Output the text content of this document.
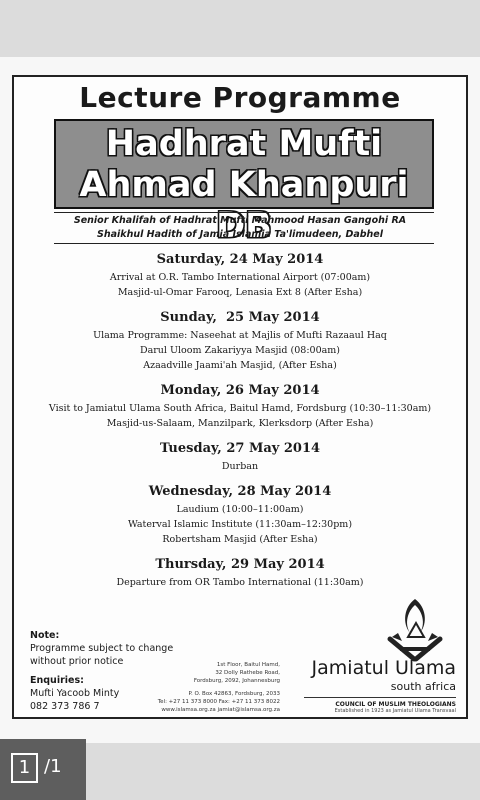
Lecture Programme
Hadhrat Mufti
Ahmad Khanpuri DB
Senior Khalifah of Hadhrat Mufti Mahmood Hasan Gangohi RA
Shaikhul Hadith of Jamia Islamia Ta'limudeen, Dabhel
Saturday, 24 May 2014
Arrival at O.R. Tambo International Airport (07:00am)
Masjid-ul-Omar Farooq, Lenasia Ext 8 (After Esha)
Sunday,  25 May 2014
Ulama Programme: Naseehat at Majlis of Mufti Razaaul Haq
Darul Uloom Zakariyya Masjid (08:00am)
Azaadville Jaami'ah Masjid, (After Esha)
Monday, 26 May 2014
Visit to Jamiatul Ulama South Africa, Baitul Hamd, Fordsburg (10:30–11:30am)
Masjid-us-Salaam, Manzilpark, Klerksdorp (After Esha)
Tuesday, 27 May 2014
Durban
Wednesday, 28 May 2014
Laudium (10:00–11:00am)
Waterval Islamic Institute (11:30am–12:30pm)
Robertsham Masjid (After Esha)
Thursday, 29 May 2014
Departure from OR Tambo International (11:30am)
Note:
Programme subject to change
without prior notice
Enquiries:
Mufti Yacoob Minty
082 373 786 7
1st Floor, Baitul Hamd,
32 Dolly Rathebe Road,
Fordsburg, 2092, Johannesburg
P. O. Box 42863, Fordsburg, 2033
Tel: +27 11 373 8000 Fax: +27 11 373 8022
www.islamsa.org.za jamiat@islamsa.org.za
Jamiatul Ulama
south africa
COUNCIL OF MUSLIM THEOLOGIANS
Established in 1923 as Jamiatul Ulama Transvaal
1 /1
